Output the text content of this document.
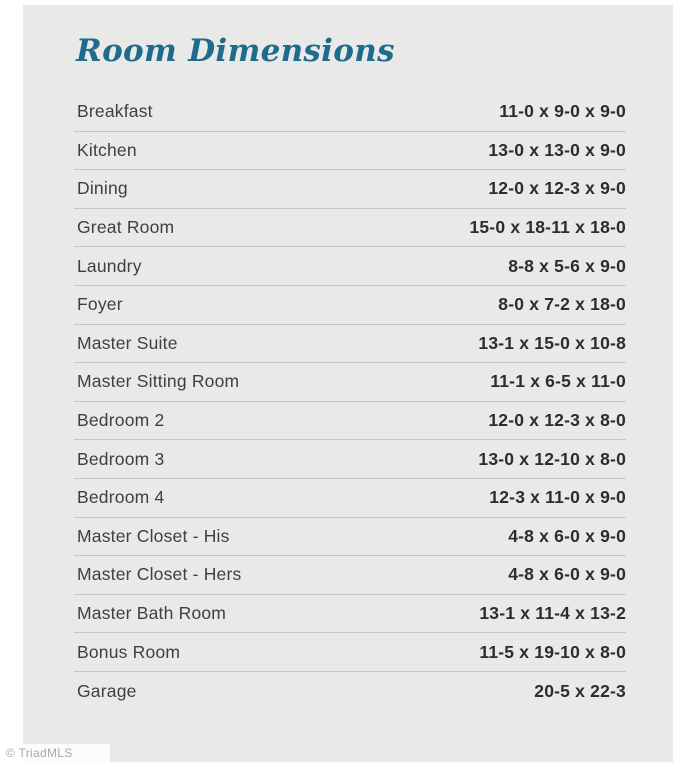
Room Dimensions
Breakfast	11-0 x 9-0 x 9-0
Kitchen	13-0 x 13-0 x 9-0
Dining	12-0 x 12-3 x 9-0
Great Room	15-0 x 18-11 x 18-0
Laundry	8-8 x 5-6 x 9-0
Foyer	8-0 x 7-2 x 18-0
Master Suite	13-1 x 15-0 x 10-8
Master Sitting Room	11-1 x 6-5 x 11-0
Bedroom 2	12-0 x 12-3 x 8-0
Bedroom 3	13-0 x 12-10 x 8-0
Bedroom 4	12-3 x 11-0 x 9-0
Master Closet - His	4-8 x 6-0 x 9-0
Master Closet - Hers	4-8 x 6-0 x 9-0
Master Bath Room	13-1 x 11-4 x 13-2
Bonus Room	11-5 x 19-10 x 8-0
Garage	20-5 x 22-3
© TriadMLS
